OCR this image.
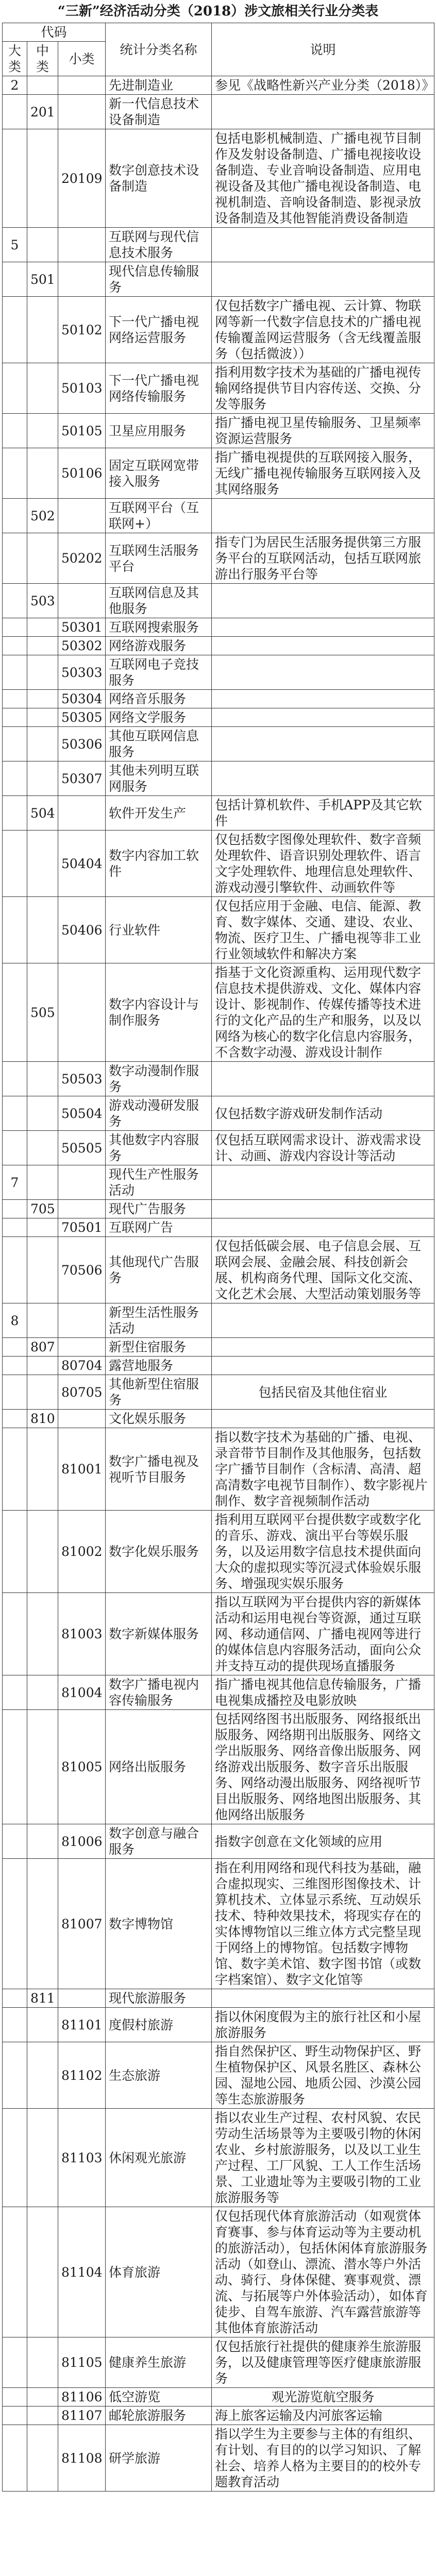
“三新”经济活动分类（2018）涉文旅相关行业分类表
代码			统计分类名称	说明
大类	中类	小类		
2			先进制造业	参见《战略性新兴产业分类（2018）》
	201		新一代信息技术设备制造	
		20109	数字创意技术设备制造	包括电影机械制造、广播电视节目制作及发射设备制造、广播电视接收设备制造、专业音响设备制造、应用电视设备及其他广播电视设备制造、电视机制造、音响设备制造、影视录放设备制造及其他智能消费设备制造
5			互联网与现代信息技术服务	
	501		现代信息传输服务	
		50102	下一代广播电视网络运营服务	仅包括数字广播电视、云计算、物联网等新一代数字信息技术的广播电视传输覆盖网运营服务（含无线覆盖服务（包括微波））
		50103	下一代广播电视网络传输服务	指利用数字技术为基础的广播电视传输网络提供节目内容传送、交换、分发等服务
		50105	卫星应用服务	指广播电视卫星传输服务、卫星频率资源运营服务
		50106	固定互联网宽带接入服务	指广播电视提供的互联网接入服务，无线广播电视传输服务互联网接入及其网络服务
	502		互联网平台（互联网+）	
		50202	互联网生活服务平台	指专门为居民生活服务提供第三方服务平台的互联网活动，包括互联网旅游出行服务平台等
	503		互联网信息及其他服务	
		50301	互联网搜索服务	
		50302	网络游戏服务	
		50303	互联网电子竞技服务	
		50304	网络音乐服务	
		50305	网络文学服务	
		50306	其他互联网信息服务	
		50307	其他未列明互联网服务	
	504		软件开发生产	包括计算机软件、手机APP及其它软件
		50404	数字内容加工软件	仅包括数字图像处理软件、数字音频处理软件、语音识别处理软件、语言文字处理软件、地理信息处理软件、游戏动漫引擎软件、动画软件等
		50406	行业软件	仅包括应用于金融、电信、能源、教育、数字媒体、交通、建设、农业、物流、医疗卫生、广播电视等非工业行业领域软件和解决方案
	505		数字内容设计与制作服务	指基于文化资源重构、运用现代数字信息技术提供游戏、文化、媒体内容设计、影视制作、传媒传播等技术进行的文化产品的生产和服务，以及以网络为核心的数字化信息内容服务，不含数字动漫、游戏设计制作
		50503	数字动漫制作服务	
		50504	游戏动漫研发服务	仅包括数字游戏研发制作活动
		50505	其他数字内容服务	仅包括互联网需求设计、游戏需求设计、动画、游戏内容设计等活动
7			现代生产性服务活动	
	705		现代广告服务	
		70501	互联网广告	
		70506	其他现代广告服务	仅包括低碳会展、电子信息会展、互联网会展、金融会展、科技创新会展、机构商务代理、国际文化交流、文化艺术会展、大型活动策划服务等
8			新型生活性服务活动	
	807		新型住宿服务	
		80704	露营地服务	
		80705	其他新型住宿服务	包括民宿及其他住宿业
	810		文化娱乐服务	
		81001	数字广播电视及视听节目服务	指以数字技术为基础的广播、电视、录音带节目制作及其他服务，包括数字广播节目制作（含标清、高清、超高清数字电视节目制作）、数字影视片制作、数字音视频制作活动
		81002	数字化娱乐服务	指利用互联网平台提供数字或数字化的音乐、游戏、演出平台等娱乐服务，以及运用数字信息技术提供面向大众的虚拟现实等沉浸式体验娱乐服务、增强现实娱乐服务
		81003	数字新媒体服务	指以互联网为平台提供内容的新媒体活动和运用电视台等资源，通过互联网、移动通信网、广播电视网等进行的媒体信息内容服务活动，面向公众并支持互动的提供现场直播服务
		81004	数字广播电视内容传输服务	指广播电视其他信息传输服务，广播电视集成播控及电影放映
		81005	网络出版服务	包括网络图书出版服务、网络报纸出版服务、网络期刊出版服务、网络文学出版服务、网络音像出版服务、网络游戏出版服务、数字音乐出版服务、网络动漫出版服务、网络视听节目出版服务、网络地图出版服务、其他网络出版服务
		81006	数字创意与融合服务	指数字创意在文化领域的应用
		81007	数字博物馆	指在利用网络和现代科技为基础，融合虚拟现实、三维图形图像技术、计算机技术、立体显示系统、互动娱乐技术、特种效果技术，将现实存在的实体博物馆以三维立体方式完整呈现于网络上的博物馆。包括数字博物馆、数字美术馆、数字图书馆（或数字档案馆）、数字文化馆等
	811		现代旅游服务	
		81101	度假村旅游	指以休闲度假为主的旅行社区和小屋旅游服务
		81102	生态旅游	指自然保护区、野生动物保护区、野生植物保护区、风景名胜区、森林公园、湿地公园、地质公园、沙漠公园等生态旅游服务
		81103	休闲观光旅游	指以农业生产过程、农村风貌、农民劳动生活场景等为主要吸引物的休闲农业、乡村旅游服务，以及以工业生产过程、工厂风貌、工人工作生活场景、工业遗址等为主要吸引物的工业旅游服务等
		81104	体育旅游	仅包括现代体育旅游活动（如观赏体育赛事、参与体育运动等为主要动机的旅游活动），包括休闲体育旅游服务活动（如登山、漂流、潜水等户外活动、骑行、身体保健、赛事观赏、漂流、与拓展等户外体验活动），如体育徒步、自驾车旅游、汽车露营旅游等其他体育旅游活动
		81105	健康养生旅游	仅包括旅行社提供的健康养生旅游服务，以及健康管理等医疗健康旅游服务
		81106	低空游览	观光游览航空服务
		81107	邮轮旅游服务	海上旅客运输及内河旅客运输
		81108	研学旅游	指以学生为主要参与主体的有组织、有计划、有目的的以学习知识、了解社会、培养人格为主要目的的校外专题教育活动
